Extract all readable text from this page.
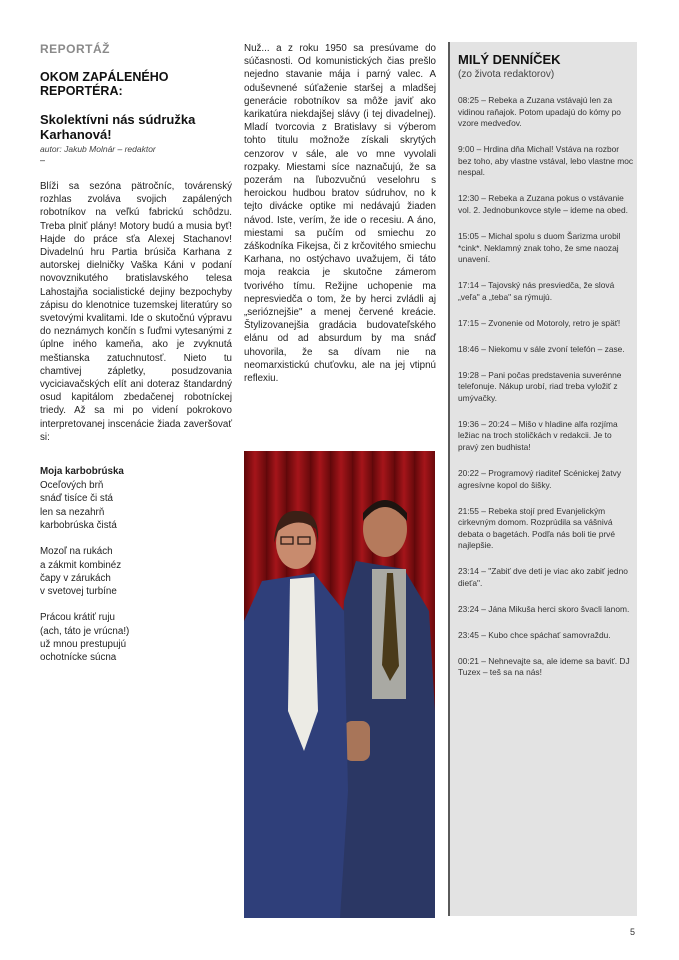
REPORTÁŽ
OKOM ZAPÁLENÉHO REPORTÉRA:
Skolektívni nás súdružka Karhanová!
autor: Jakub Molnár – redaktor
–

Blíži sa sezóna pätročníc, továrenský rozhlas zvoláva svojich zapálených robotníkov na veľkú fabrickú schôdzu. Treba plniť plány! Motory budú a musia byť! Hajde do práce sťa Alexej Stachanov! Divadelnú hru Partia brúsiča Karhana z autorskej dielničky Vaška Káni v podaní novovznikutého bratislavského telesa Lahostajňa socialistické dejiny bezpochyby zápisu do klenotnice tuzemskej literatúry so svetovými kvalitami. Ide o skutočnú výpravu do neznámych končín s ľuďmi vytesanými z úplne iného kameňa, ako je zvyknutá meštianska zatuchnutosť. Nieto tu chamtivej zápletky, posudzovania vyciciavačských elít ani doteraz štandardný osud kapitálom zbedačenej robotníckej triedy. Až sa mi po videní pokrokovo interpretovanej inscenácie žiada zaveršovať si:

Moja karbobrúska
Oceľových brň
snáď tisíce či stá
len sa nezahrň
karbobrúska čistá
Mozoľ na rukách
a zákmit kombinéz
čapy v zárukách
v svetovej turbíne
Prácou krátiť ruju
(ach, táto je vrúcna!)
už mnou prestupujú
ochotnícke súcna

Nuž... a z roku 1950 sa presúvame do súčasnosti. Od komunistických čias prešlo nejedno stavanie mája i parný valec. A oduševnené súťaženie staršej a mladšej generácie robotníkov sa môže javiť ako karikatúra niekdajšej slávy (i tej divadelnej). Mladí tvorcovia z Bratislavy si výberom tohto titulu možnože získali skrytých cenzorov v sále, ale vo mne vyvolali rozpaky. Miestami síce naznačujú, že sa pozerám na ľubozvučnú veselohru s heroickou hudbou bratov súdruhov, no k tejto divácke optike mi nedávajú žiaden návod. Iste, verím, že ide o recesiu. A áno, miestami sa pučím od smiechu zo záškodníka Fikejsa, či z krčovitého smiechu Karhana, no ostýchavo uvažujem, či táto moja reakcia je skutočne zámerom tvorivého tímu. Režijne uchopenie ma nepresviedča o tom, že by herci zvládli aj „serióznejšie" a menej červené kreácie. Štylizovanejšia gradácia budovateľského elánu od ad absurdum by ma snáď uhovorila, že sa dívam nie na neomarxistickú chuťovku, ale na jej vtipnú reflexiu.

MILÝ DENNÍČEK
(zo života redaktorov)

08:25 – Rebeka a Zuzana vstávajú len za vidinou raňajok. Potom upadajú do kómy po vzore medveďov.

9:00 – Hrdina dňa Michal! Vstáva na rozbor bez toho, aby vlastne vstával, lebo vlastne moc nespal.

12:30 – Rebeka a Zuzana pokus o vstávanie vol. 2. Jednobunkovce style – ideme na obed.

15:05 – Michal spolu s duom Šarizma urobil *cink*. Neklamný znak toho, že sme naozaj unavení.

17:14 – Tajovský nás presviedča, že slová „veľa" a „teba" sa rýmujú.

17:15 – Zvonenie od Motoroly, retro je späť!

18:46 – Niekomu v sále zvoní telefón – zase.

19:28 – Pani počas predstavenia suverénne telefonuje. Nákup urobí, riad treba vyložiť z umývačky.

19:36 – 20:24 – Mišo v hladine alfa rozjíma ležiac na troch stoličkách v redakcii. Je to pravý zen budhista!

20:22 – Programový riaditeľ Scénickej žatvy agresívne kopol do šišky.

21:55 – Rebeka stojí pred Evanjelickým cirkevným domom. Rozprúdila sa vášnivá debata o bagetách. Podľa nás boli tie prvé najlepšie.

23:14 – "Zabiť dve deti je viac ako zabiť jedno dieťa".

23:24 – Jána Mikuša herci skoro švacli lanom.

23:45 – Kubo chce spáchať samovraždu.

00:21 – Nehnevajte sa, ale ideme sa baviť. DJ Tuzex – teš sa na nás!

5
